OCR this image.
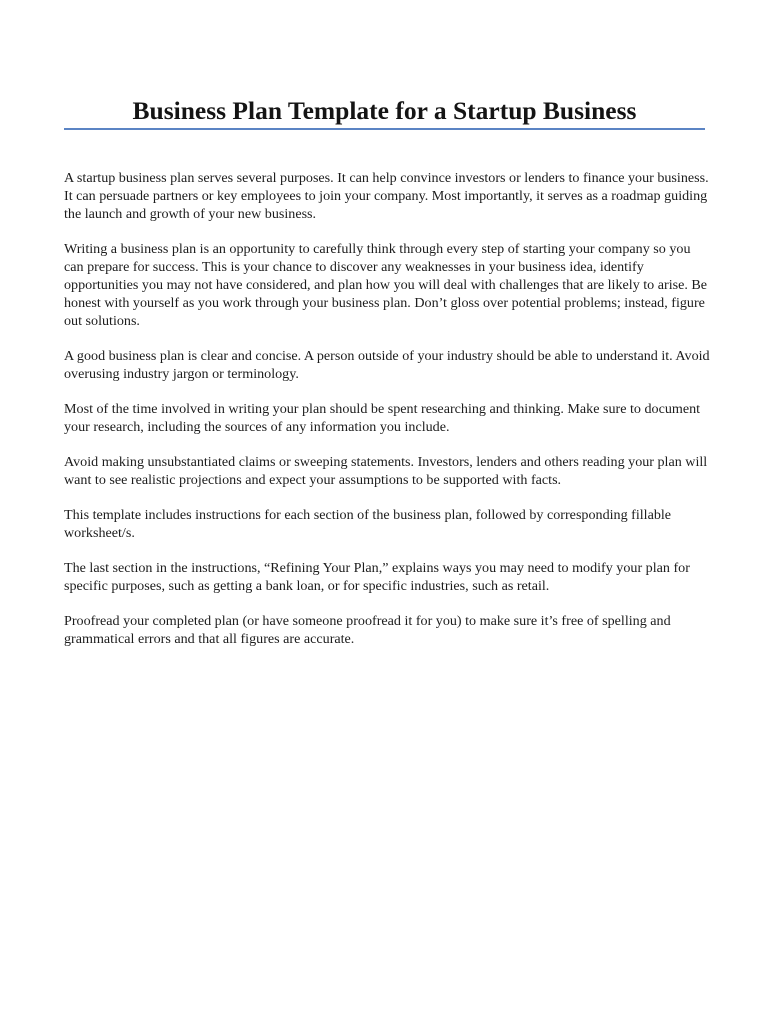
Business Plan Template for a Startup Business

A startup business plan serves several purposes. It can help convince investors or lenders to finance your business. It can persuade partners or key employees to join your company. Most importantly, it serves as a roadmap guiding the launch and growth of your new business.

Writing a business plan is an opportunity to carefully think through every step of starting your company so you can prepare for success. This is your chance to discover any weaknesses in your business idea, identify opportunities you may not have considered, and plan how you will deal with challenges that are likely to arise. Be honest with yourself as you work through your business plan. Don’t gloss over potential problems; instead, figure out solutions.

A good business plan is clear and concise. A person outside of your industry should be able to understand it. Avoid overusing industry jargon or terminology.

Most of the time involved in writing your plan should be spent researching and thinking. Make sure to document your research, including the sources of any information you include.

Avoid making unsubstantiated claims or sweeping statements. Investors, lenders and others reading your plan will want to see realistic projections and expect your assumptions to be supported with facts.

This template includes instructions for each section of the business plan, followed by corresponding fillable worksheet/s.

The last section in the instructions, “Refining Your Plan,” explains ways you may need to modify your plan for specific purposes, such as getting a bank loan, or for specific industries, such as retail.

Proofread your completed plan (or have someone proofread it for you) to make sure it’s free of spelling and grammatical errors and that all figures are accurate.
